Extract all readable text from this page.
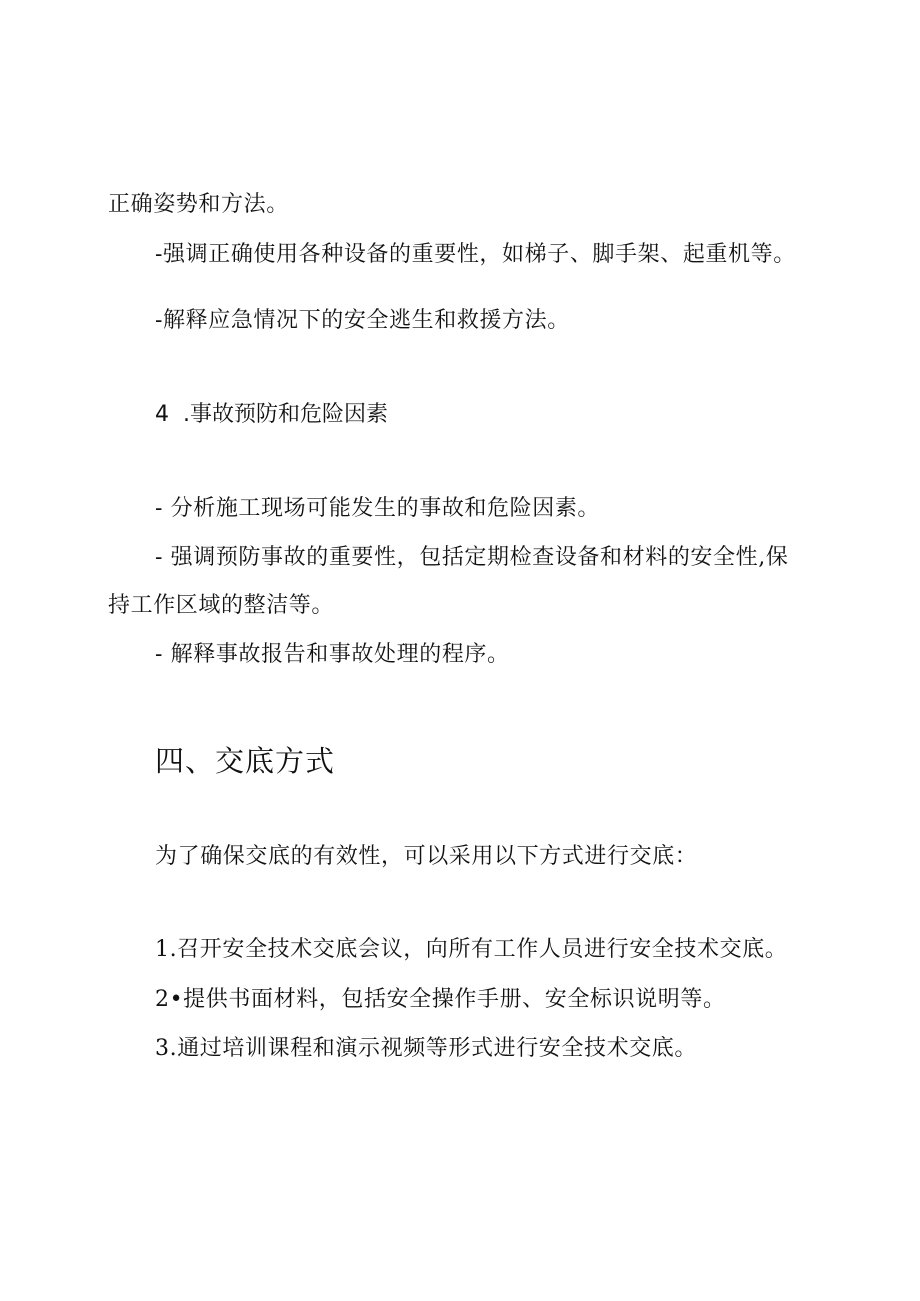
正确姿势和方法。
-强调正确使用各种设备的重要性，如梯子、脚手架、起重机等。
-解释应急情况下的安全逃生和救援方法。
4  .事故预防和危险因素
- 分析施工现场可能发生的事故和危险因素。
- 强调预防事故的重要性，包括定期检查设备和材料的安全性,保
持工作区域的整洁等。
- 解释事故报告和事故处理的程序。
四、交底方式
为了确保交底的有效性，可以采用以下方式进行交底：
1.召开安全技术交底会议，向所有工作人员进行安全技术交底。
2•提供书面材料，包括安全操作手册、安全标识说明等。
3.通过培训课程和演示视频等形式进行安全技术交底。
